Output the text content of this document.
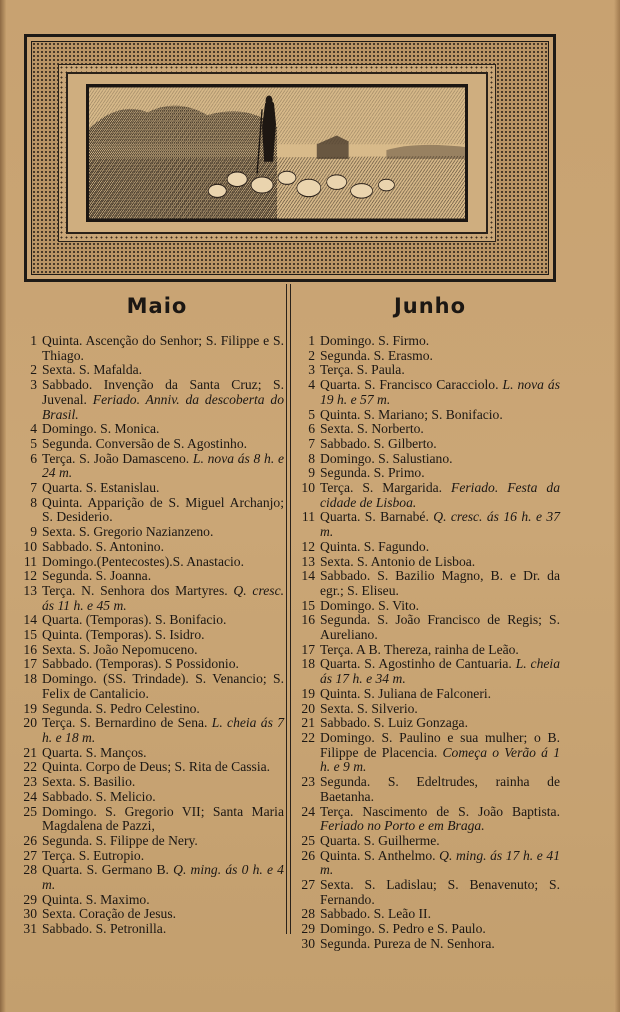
Maio
1 Quinta. Ascenção do Senhor; S. Filippe e S. Thiago.
2 Sexta. S. Mafalda.
3 Sabbado. Invenção da Santa Cruz; S. Juvenal. Feriado. Anniv. da descoberta do Brasil.
4 Domingo. S. Monica.
5 Segunda. Conversão de S. Agostinho.
6 Terça. S. João Damasceno. L. nova ás 8 h. e 24 m.
7 Quarta. S. Estanislau.
8 Quinta. Apparição de S. Miguel Archanjo; S. Desiderio.
9 Sexta. S. Gregorio Nazianzeno.
10 Sabbado. S. Antonino.
11 Domingo.(Pentecostes).S. Anastacio.
12 Segunda. S. Joanna.
13 Terça. N. Senhora dos Martyres. Q. cresc. ás 11 h. e 45 m.
14 Quarta. (Temporas). S. Bonifacio.
15 Quinta. (Temporas). S. Isidro.
16 Sexta. S. João Nepomuceno.
17 Sabbado. (Temporas). S Possidonio.
18 Domingo. (SS. Trindade). S. Venancio; S. Felix de Cantalicio.
19 Segunda. S. Pedro Celestino.
20 Terça. S. Bernardino de Sena. L. cheia ás 7 h. e 18 m.
21 Quarta. S. Manços.
22 Quinta. Corpo de Deus; S. Rita de Cassia.
23 Sexta. S. Basilio.
24 Sabbado. S. Melicio.
25 Domingo. S. Gregorio VII; Santa Maria Magdalena de Pazzi,
26 Segunda. S. Filippe de Nery.
27 Terça. S. Eutropio.
28 Quarta. S. Germano B. Q. ming. ás 0 h. e 4 m.
29 Quinta. S. Maximo.
30 Sexta. Coração de Jesus.
31 Sabbado. S. Petronilla.
Junho
1 Domingo. S. Firmo.
2 Segunda. S. Erasmo.
3 Terça. S. Paula.
4 Quarta. S. Francisco Caracciolo. L. nova ás 19 h. e 57 m.
5 Quinta. S. Mariano; S. Bonifacio.
6 Sexta. S. Norberto.
7 Sabbado. S. Gilberto.
8 Domingo. S. Salustiano.
9 Segunda. S. Primo.
10 Terça. S. Margarida. Feriado. Festa da cidade de Lisboa.
11 Quarta. S. Barnabé. Q. cresc. ás 16 h. e 37 m.
12 Quinta. S. Fagundo.
13 Sexta. S. Antonio de Lisboa.
14 Sabbado. S. Bazilio Magno, B. e Dr. da egr.; S. Eliseu.
15 Domingo. S. Vito.
16 Segunda. S. João Francisco de Regis; S. Aureliano.
17 Terça. A B. Thereza, rainha de Leão.
18 Quarta. S. Agostinho de Cantuaria. L. cheia ás 17 h. e 34 m.
19 Quinta. S. Juliana de Falconeri.
20 Sexta. S. Silverio.
21 Sabbado. S. Luiz Gonzaga.
22 Domingo. S. Paulino e sua mulher; o B. Filippe de Placencia. Começa o Verão á 1 h. e 9 m.
23 Segunda. S. Edeltrudes, rainha de Baetanha.
24 Terça. Nascimento de S. João Baptista. Feriado no Porto e em Braga.
25 Quarta. S. Guilherme.
26 Quinta. S. Anthelmo. Q. ming. ás 17 h. e 41 m.
27 Sexta. S. Ladislau; S. Benavenuto; S. Fernando.
28 Sabbado. S. Leão II.
29 Domingo. S. Pedro e S. Paulo.
30 Segunda. Pureza de N. Senhora.
